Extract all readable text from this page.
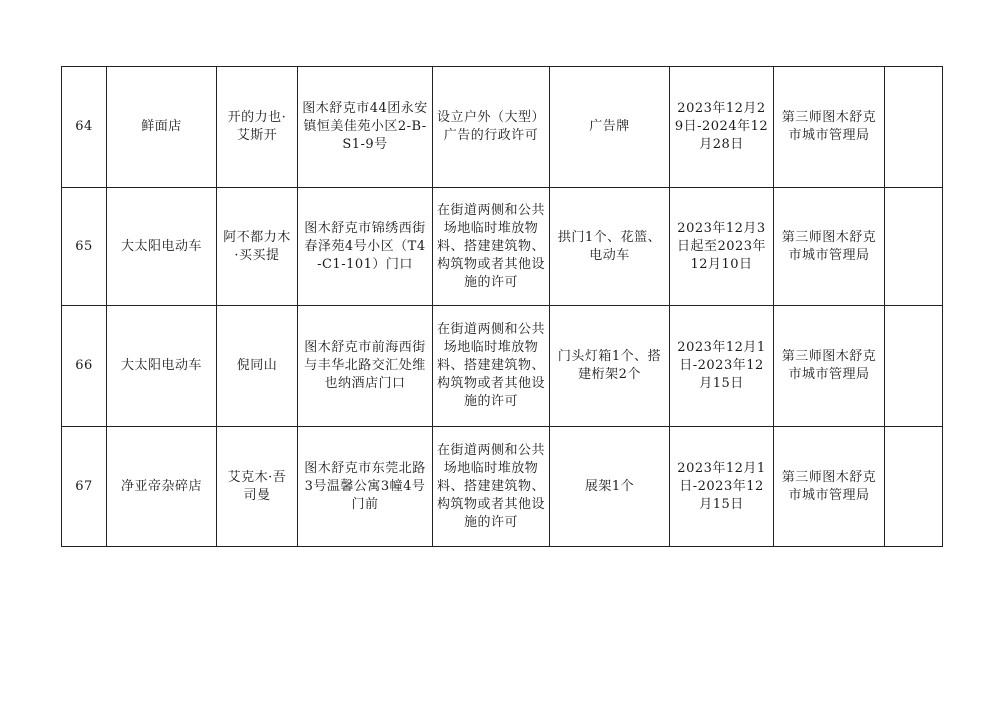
64	鲜面店	开的力也·艾斯开	图木舒克市44团永安镇恒美佳苑小区2-B-S1-9号	设立户外（大型）广告的行政许可	广告牌	2023年12月29日-2024年12月28日	第三师图木舒克市城市管理局	
65	大太阳电动车	阿不都力木·买买提	图木舒克市锦绣西街春泽苑4号小区（T4-C1-101）门口	在街道两侧和公共场地临时堆放物料、搭建建筑物、构筑物或者其他设施的许可	拱门1个、花篮、电动车	2023年12月3日起至2023年12月10日	第三师图木舒克市城市管理局	
66	大太阳电动车	倪同山	图木舒克市前海西街与丰华北路交汇处维也纳酒店门口	在街道两侧和公共场地临时堆放物料、搭建建筑物、构筑物或者其他设施的许可	门头灯箱1个、搭建桁架2个	2023年12月1日-2023年12月15日	第三师图木舒克市城市管理局	
67	净亚帝杂碎店	艾克木·吾司曼	图木舒克市东莞北路3号温馨公寓3幢4号门前	在街道两侧和公共场地临时堆放物料、搭建建筑物、构筑物或者其他设施的许可	展架1个	2023年12月1日-2023年12月15日	第三师图木舒克市城市管理局	
